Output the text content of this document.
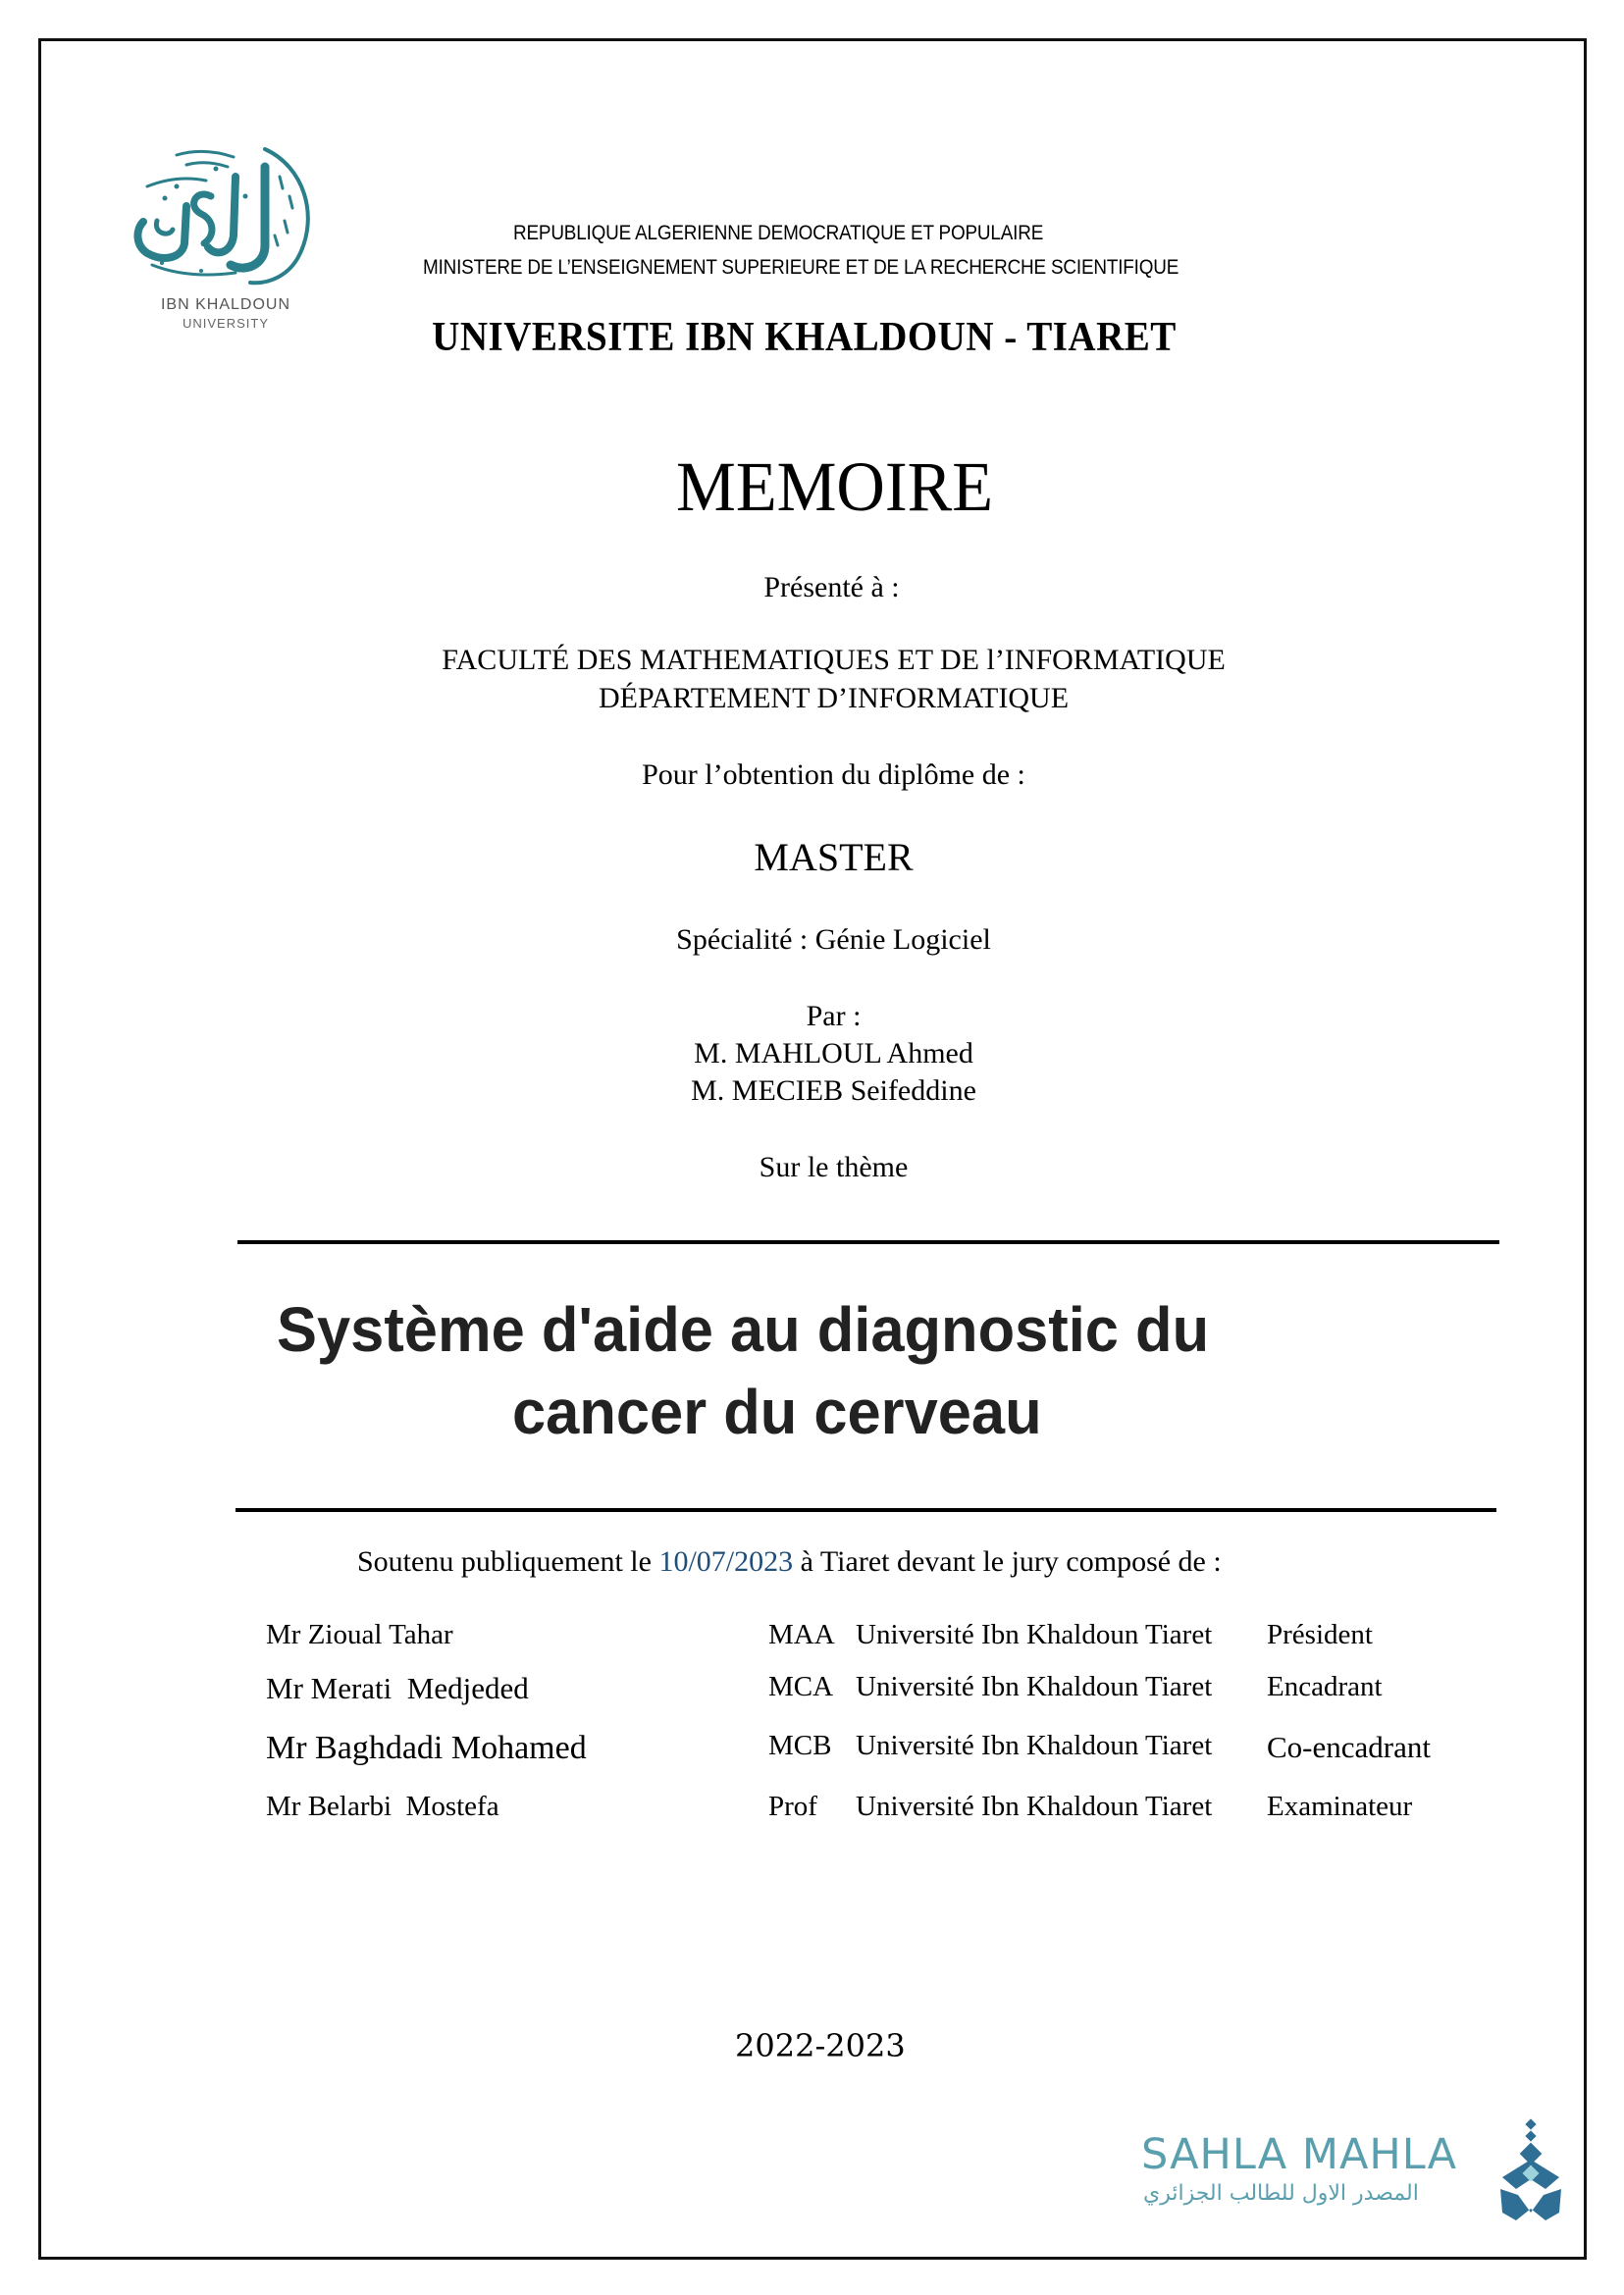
IBN KHALDOUN
UNIVERSITY
REPUBLIQUE ALGERIENNE DEMOCRATIQUE ET POPULAIRE
MINISTERE DE L’ENSEIGNEMENT SUPERIEURE ET DE LA RECHERCHE SCIENTIFIQUE
UNIVERSITE IBN KHALDOUN - TIARET
MEMOIRE
Présenté à :
FACULTÉ DES MATHEMATIQUES ET DE l’INFORMATIQUE
DÉPARTEMENT D’INFORMATIQUE
Pour l’obtention du diplôme de :
MASTER
Spécialité : Génie Logiciel
Par :
M. MAHLOUL Ahmed
M. MECIEB Seifeddine
Sur le thème
Système d'aide au diagnostic du
cancer du cerveau
Soutenu publiquement le 10/07/2023 à Tiaret devant le jury composé de :
Mr Zioual Tahar	MAA Université Ibn Khaldoun Tiaret Président
Mr Merati  Medjeded	MCA Université Ibn Khaldoun Tiaret Encadrant
Mr Baghdadi Mohamed	MCB Université Ibn Khaldoun Tiaret Co-encadrant
Mr Belarbi  Mostefa	Prof Université Ibn Khaldoun Tiaret Examinateur
2022-2023
SAHLA MAHLA
المصدر الاول للطالب الجزائري
